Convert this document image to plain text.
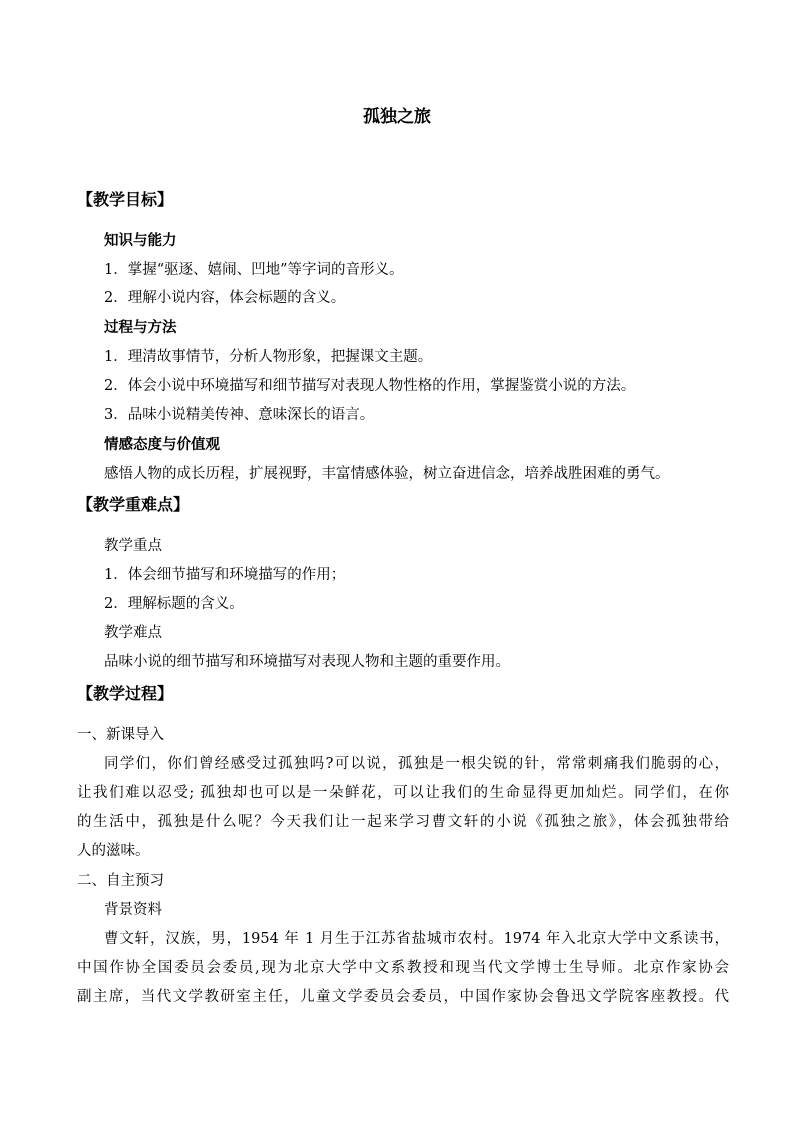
孤独之旅

【教学目标】

知识与能力

1．掌握“驱逐、嬉闹、凹地”等字词的音形义。

2．理解小说内容，体会标题的含义。

过程与方法

1．理清故事情节，分析人物形象，把握课文主题。

2．体会小说中环境描写和细节描写对表现人物性格的作用，掌握鉴赏小说的方法。

3．品味小说精美传神、意味深长的语言。

情感态度与价值观

感悟人物的成长历程，扩展视野，丰富情感体验，树立奋进信念，培养战胜困难的勇气。

【教学重难点】

教学重点

1．体会细节描写和环境描写的作用；

2．理解标题的含义。

教学难点

品味小说的细节描写和环境描写对表现人物和主题的重要作用。

【教学过程】

一、新课导入

同学们，你们曾经感受过孤独吗?可以说，孤独是一根尖锐的针，常常刺痛我们脆弱的心，

让我们难以忍受; 孤独却也可以是一朵鲜花，可以让我们的生命显得更加灿烂。同学们，在你

的生活中，孤独是什么呢？今天我们让一起来学习曹文轩的小说《孤独之旅》，体会孤独带给

人的滋味。

二、自主预习

背景资料

曹文轩，汉族，男，1954 年 1 月生于江苏省盐城市农村。1974 年入北京大学中文系读书，

中国作协全国委员会委员,现为北京大学中文系教授和现当代文学博士生导师。北京作家协会

副主席，当代文学教研室主任，儿童文学委员会委员，中国作家协会鲁迅文学院客座教授。代
